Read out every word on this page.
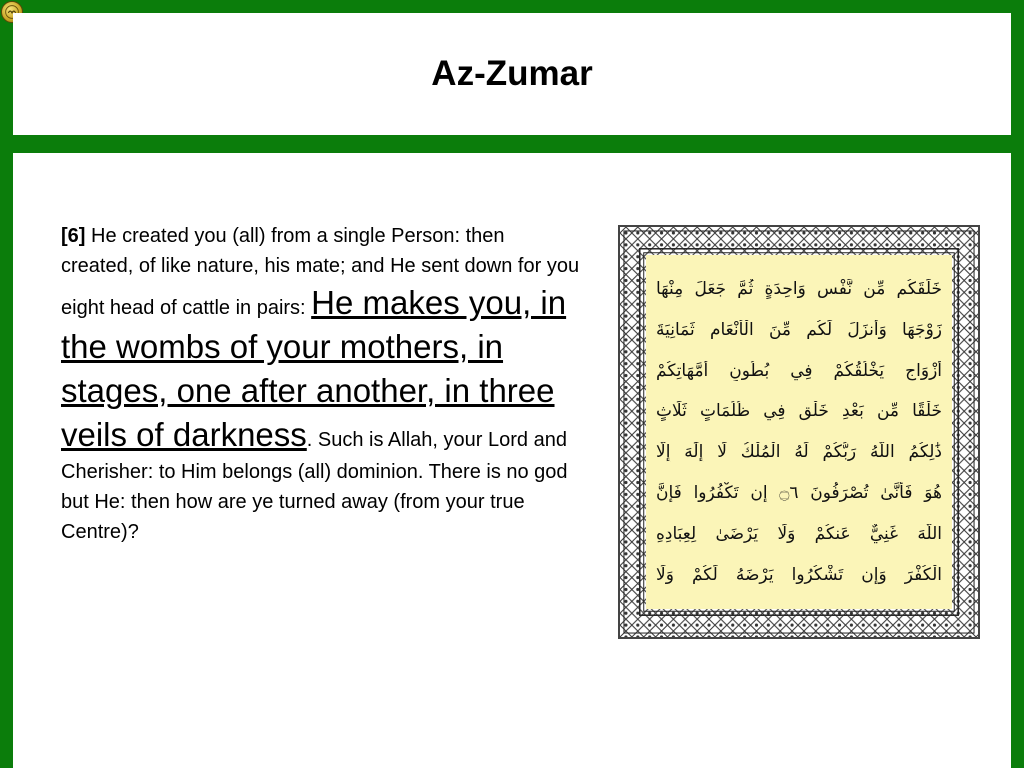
Az-Zumar
[6] He created you (all) from a single Person: then created, of like nature, his mate; and He sent down for you eight head of cattle in pairs: He makes you, in the wombs of your mothers, in stages, one after another, in three veils of darkness. Such is Allah, your Lord and Cherisher: to Him belongs (all) dominion. There is no god but He: then how are ye turned away (from your true Centre)?
خَلَقَكُم مِّن نَّفْسٍ وَاحِدَةٍ ثُمَّ جَعَلَ مِنْهَا
زَوْجَهَا وَأَنزَلَ لَكُم مِّنَ الْأَنْعَامِ ثَمَانِيَةَ
أَزْوَاجٍ يَخْلُقُكُمْ فِي بُطُونِ أُمَّهَاتِكُمْ
خَلْقًا مِّن بَعْدِ خَلْقٍ فِي ظُلُمَاتٍ ثَلَاثٍ
ذَٰلِكُمُ اللَّهُ رَبُّكُمْ لَهُ الْمُلْكُ لَا إِلَٰهَ إِلَّا
هُوَ فَأَنَّىٰ تُصْرَفُونَ ۝٦ إِن تَكْفُرُوا فَإِنَّ
اللَّهَ غَنِيٌّ عَنكُمْ وَلَا يَرْضَىٰ لِعِبَادِهِ
الْكُفْرَ وَإِن تَشْكُرُوا يَرْضَهُ لَكُمْ وَلَا
